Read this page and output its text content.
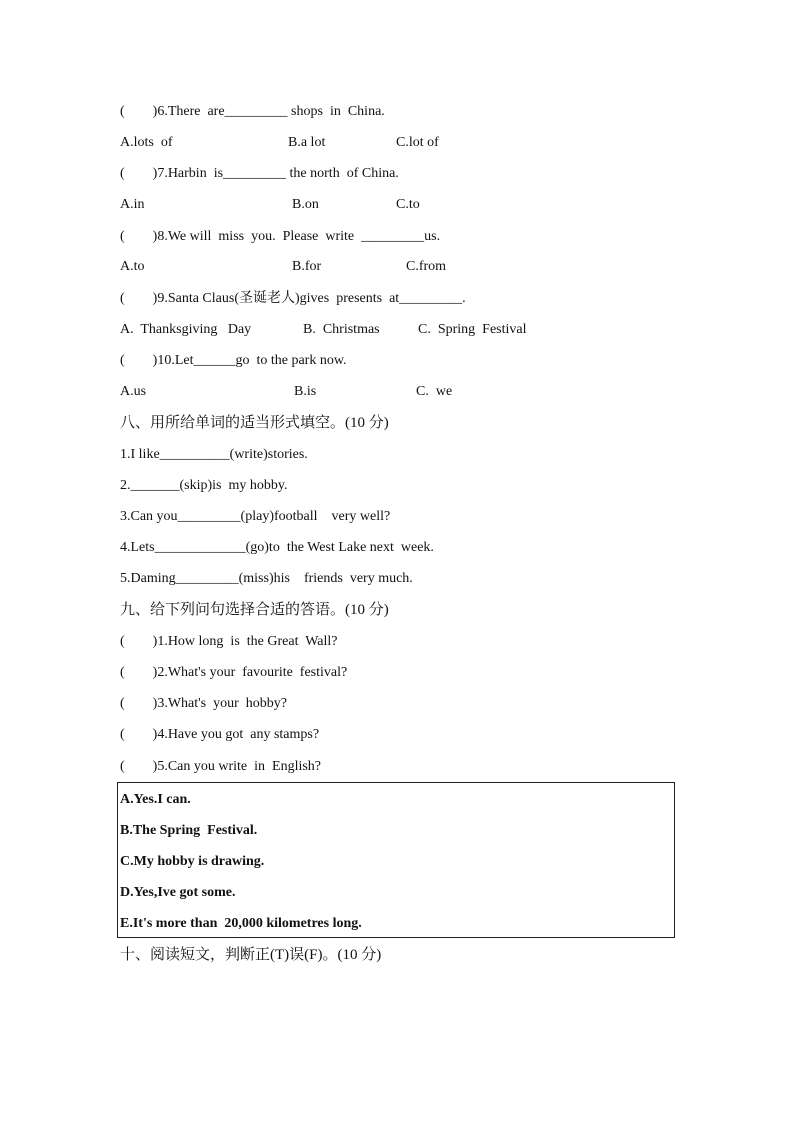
(        )6.There  are_________ shops  in  China.
A.lots  of	B.a lot	C.lot of
(        )7.Harbin  is_________ the north  of China.
A.in	B.on	C.to
(        )8.We will  miss  you.  Please  write  _________us.
A.to	B.for	C.from
(        )9.Santa Claus(圣诞老人)gives  presents  at_________.
A.  Thanksgiving   Day	B.  Christmas	C.  Spring  Festival
(        )10.Let______go  to the park now.
A.us	B.is	C.  we
八、用所给单词的适当形式填空。(10 分)
1.I like__________(write)stories.
2._______(skip)is  my hobby.
3.Can you_________(play)football    very well?
4.Lets_____________(go)to  the West Lake next  week.
5.Daming_________(miss)his    friends  very much.
九、给下列问句选择合适的答语。(10 分)
(        )1.How long  is  the Great  Wall?
(        )2.What's your  favourite  festival?
(        )3.What's  your  hobby?
(        )4.Have you got  any stamps?
(        )5.Can you write  in  English?
A.Yes.I can.
B.The Spring  Festival.
C.My hobby is drawing.
D.Yes,Ive got some.
E.It's more than  20,000 kilometres long.
十、阅读短文，判断正(T)误(F)。(10 分)
